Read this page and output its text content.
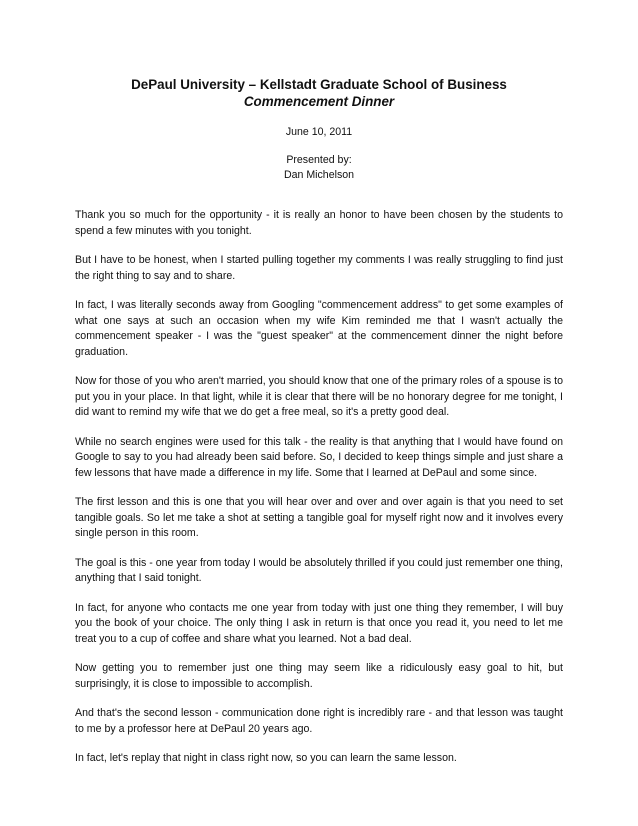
DePaul University – Kellstadt Graduate School of Business
Commencement Dinner
June 10, 2011
Presented by:
Dan Michelson

Thank you so much for the opportunity - it is really an honor to have been chosen by the students to spend a few minutes with you tonight.

But I have to be honest, when I started pulling together my comments I was really struggling to find just the right thing to say and to share.

In fact, I was literally seconds away from Googling "commencement address" to get some examples of what one says at such an occasion when my wife Kim reminded me that I wasn't actually the commencement speaker - I was the "guest speaker" at the commencement dinner the night before graduation.

Now for those of you who aren't married, you should know that one of the primary roles of a spouse is to put you in your place. In that light, while it is clear that there will be no honorary degree for me tonight, I did want to remind my wife that we do get a free meal, so it's a pretty good deal.

While no search engines were used for this talk - the reality is that anything that I would have found on Google to say to you had already been said before. So, I decided to keep things simple and just share a few lessons that have made a difference in my life. Some that I learned at DePaul and some since.

The first lesson and this is one that you will hear over and over and over again is that you need to set tangible goals. So let me take a shot at setting a tangible goal for myself right now and it involves every single person in this room.

The goal is this - one year from today I would be absolutely thrilled if you could just remember one thing, anything that I said tonight.

In fact, for anyone who contacts me one year from today with just one thing they remember, I will buy you the book of your choice. The only thing I ask in return is that once you read it, you need to let me treat you to a cup of coffee and share what you learned. Not a bad deal.

Now getting you to remember just one thing may seem like a ridiculously easy goal to hit, but surprisingly, it is close to impossible to accomplish.

And that's the second lesson - communication done right is incredibly rare - and that lesson was taught to me by a professor here at DePaul 20 years ago.

In fact, let's replay that night in class right now, so you can learn the same lesson.
